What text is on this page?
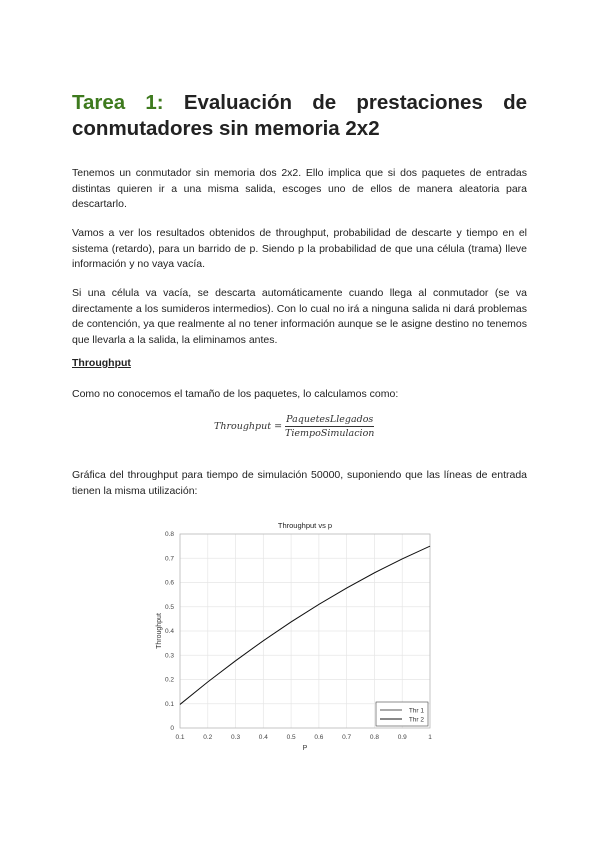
Tarea 1: Evaluación de prestaciones de conmutadores sin memoria 2x2

Tenemos un conmutador sin memoria dos 2x2. Ello implica que si dos paquetes de entradas distintas quieren ir a una misma salida, escoges uno de ellos de manera aleatoria para descartarlo.

Vamos a ver los resultados obtenidos de throughput, probabilidad de descarte y tiempo en el sistema (retardo), para un barrido de p. Siendo p la probabilidad de que una célula (trama) lleve información y no vaya vacía.

Si una célula va vacía, se descarta automáticamente cuando llega al conmutador (se va directamente a los sumideros intermedios). Con lo cual no irá a ninguna salida ni dará problemas de contención, ya que realmente al no tener información aunque se le asigne destino no tenemos que llevarla a la salida, la eliminamos antes.

Throughput

Como no conocemos el tamaño de los paquetes, lo calculamos como:

Throughput = $\frac{\text{PaquetesLlegados}}{\text{TiempoSimulacion}}$

Gráfica del throughput para tiempo de simulación 50000, suponiendo que las líneas de entrada tienen la misma utilización:

0.1	0.2	0.3	0.4	0.5	0.6	0.7	0.8	0.9	1
0
0.1
0.2
0.3
0.4
0.5
0.6
0.7
0.8
Throughput vs p
P
Throughput
Thr 1
Thr 2
